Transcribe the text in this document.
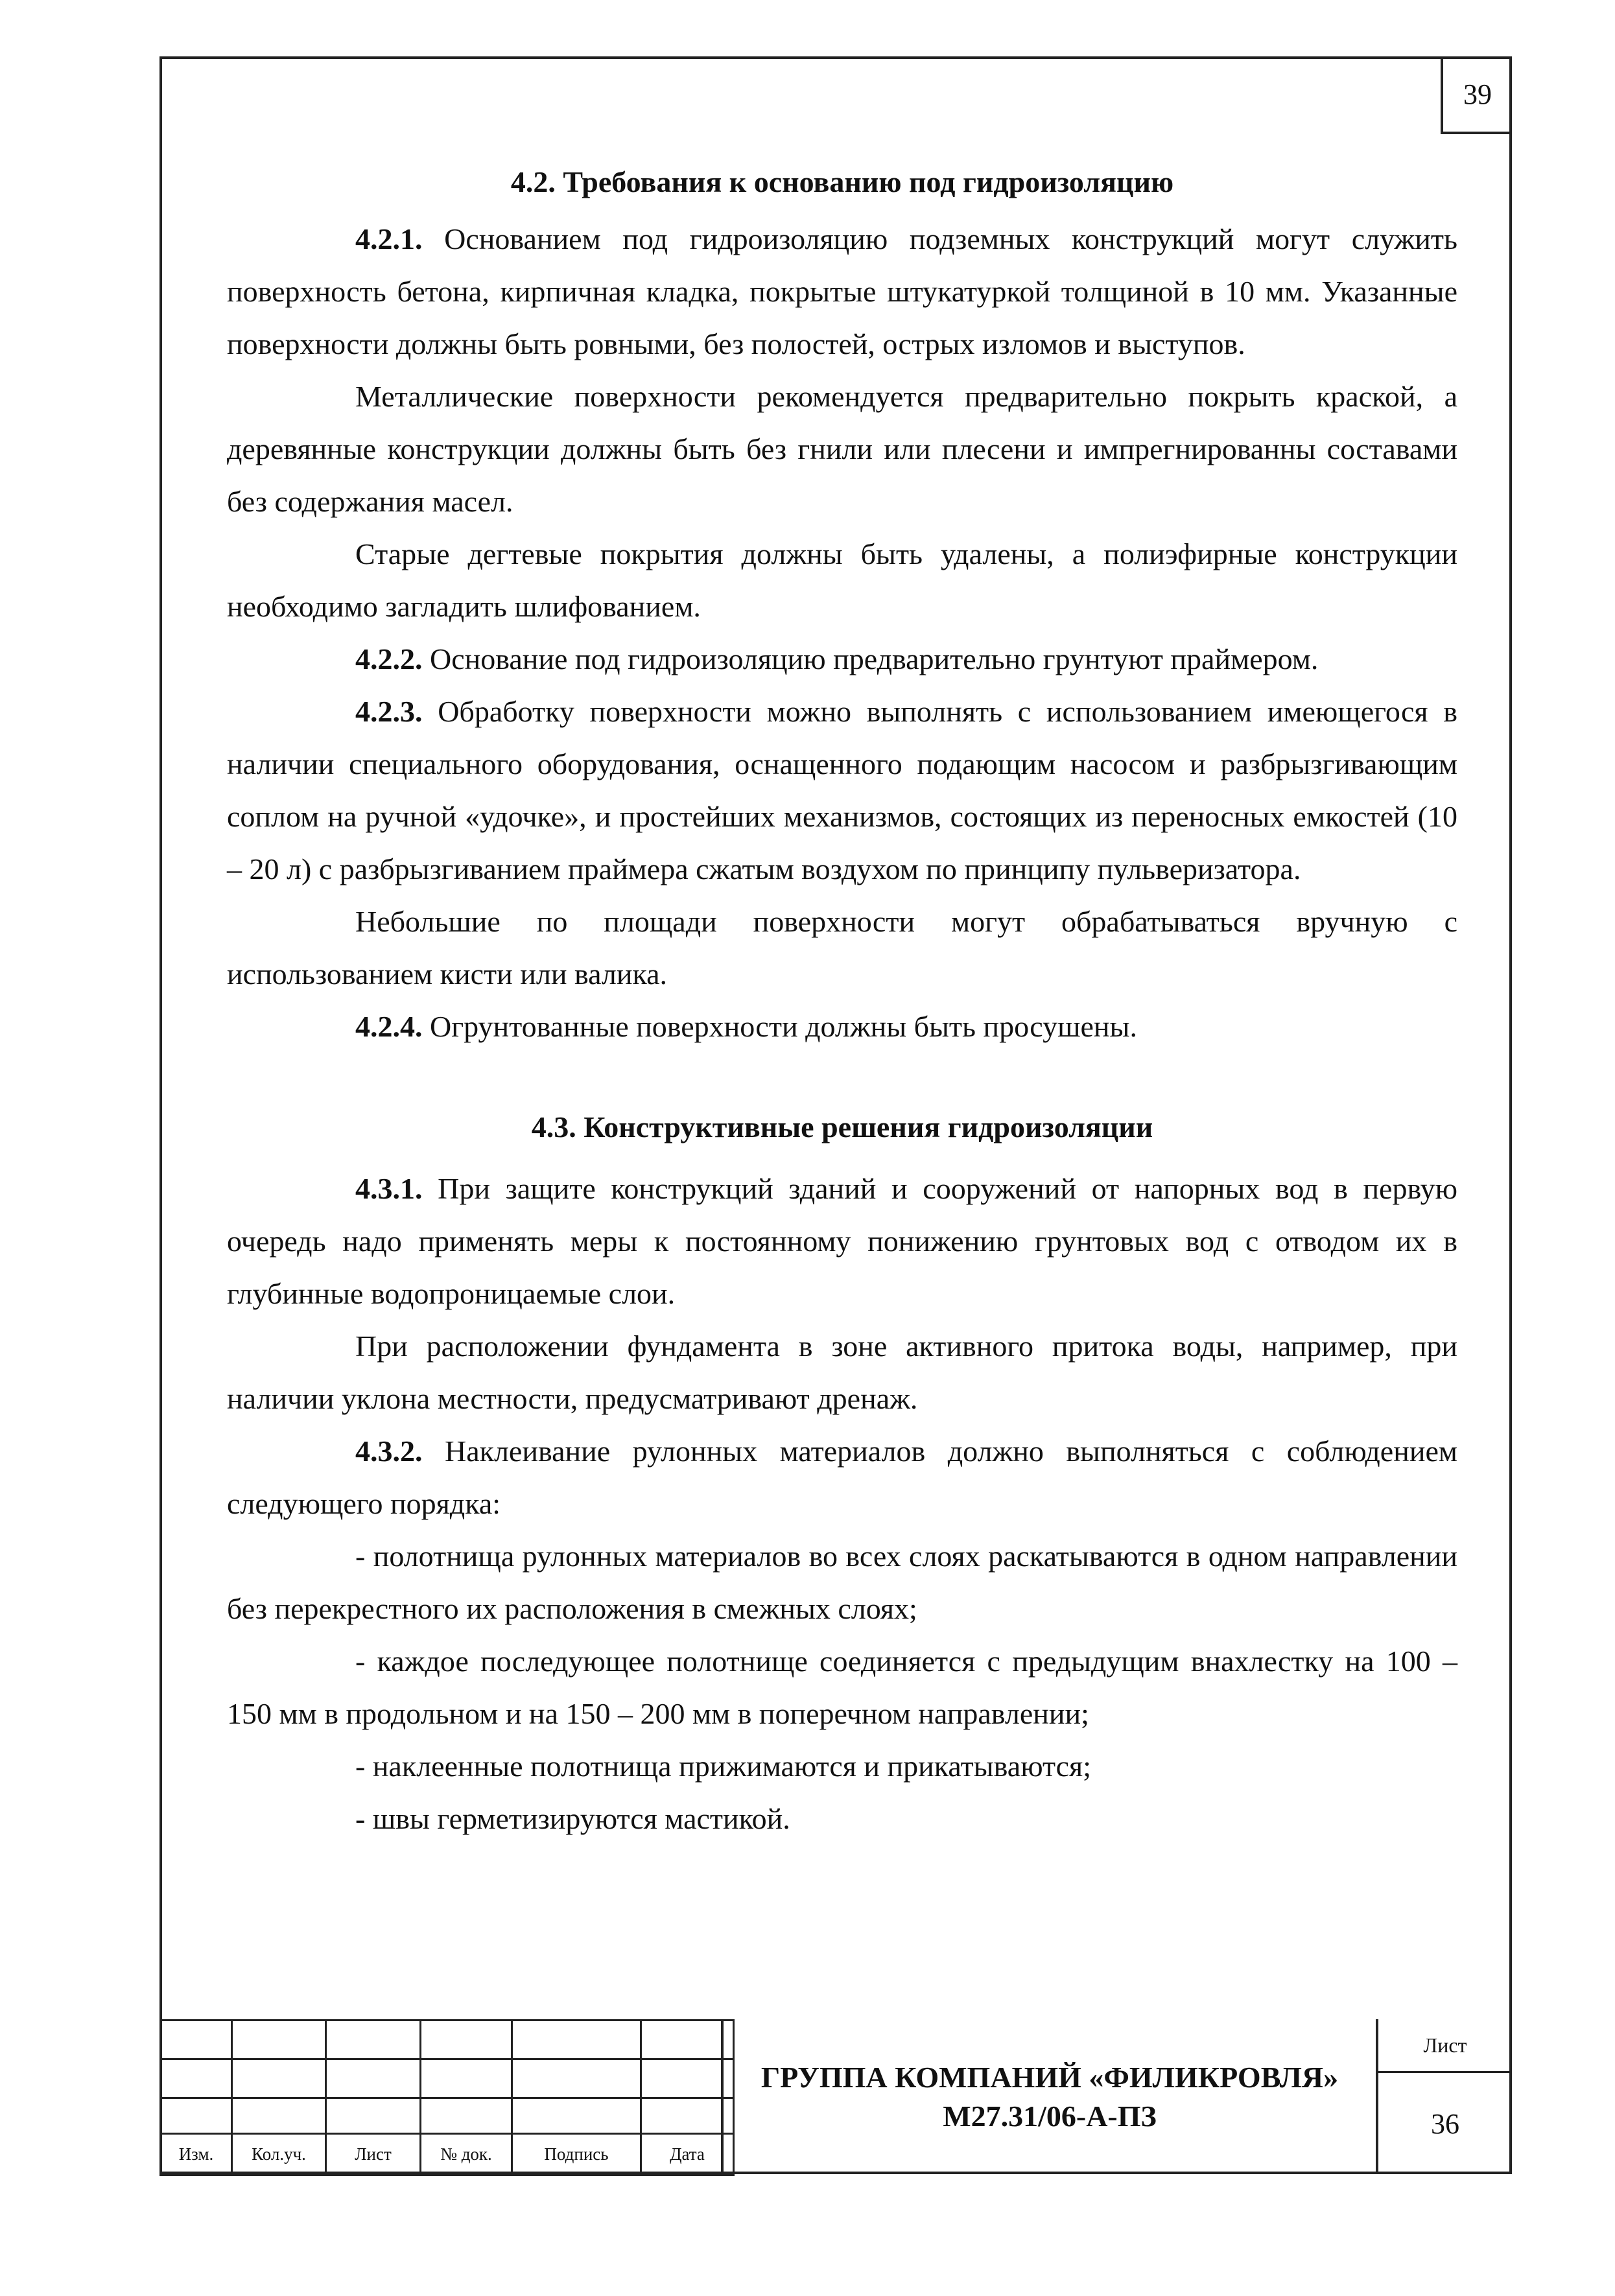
39
4.2. Требования к основанию под гидроизоляцию

4.2.1. Основанием под гидроизоляцию подземных конструкций могут служить поверхность бетона, кирпичная кладка, покрытые штукатуркой толщиной в 10 мм. Указанные поверхности должны быть ровными, без полостей, острых изломов и выступов.

Металлические поверхности рекомендуется предварительно покрыть краской, а деревянные конструкции должны быть без гнили или плесени и импрегнированны составами без содержания масел.

Старые дегтевые покрытия должны быть удалены, а полиэфирные конструкции необходимо загладить шлифованием.

4.2.2. Основание под гидроизоляцию предварительно грунтуют праймером.

4.2.3. Обработку поверхности можно выполнять с использованием имеющегося в наличии специального оборудования, оснащенного подающим насосом и разбрызгивающим соплом на ручной «удочке», и простейших механизмов, состоящих из переносных емкостей (10 – 20 л) с разбрызгиванием праймера сжатым воздухом по принципу пульверизатора.

Небольшие по площади поверхности могут обрабатываться вручную с использованием кисти или валика.

4.2.4. Огрунтованные поверхности должны быть просушены.

4.3. Конструктивные решения гидроизоляции

4.3.1. При защите конструкций зданий и сооружений от напорных вод в первую очередь надо применять меры к постоянному понижению грунтовых вод с отводом их в глубинные водопроницаемые слои.

При расположении фундамента в зоне активного притока воды, например, при наличии уклона местности, предусматривают дренаж.

4.3.2. Наклеивание рулонных материалов должно выполняться с соблюдением следующего порядка:

- полотнища рулонных материалов во всех слоях раскатываются в одном направлении без перекрестного их расположения в смежных слоях;

- каждое последующее полотнище соединяется с предыдущим внахлестку на 100 – 150 мм в продольном и на 150 – 200 мм в поперечном направлении;

- наклеенные полотнища прижимаются и прикатываются;

- швы герметизируются мастикой.

Изм.	Кол.уч.	Лист	№ док.	Подпись	Дата
ГРУППА КОМПАНИЙ «ФИЛИКРОВЛЯ»
М27.31/06-А-ПЗ
Лист
36
